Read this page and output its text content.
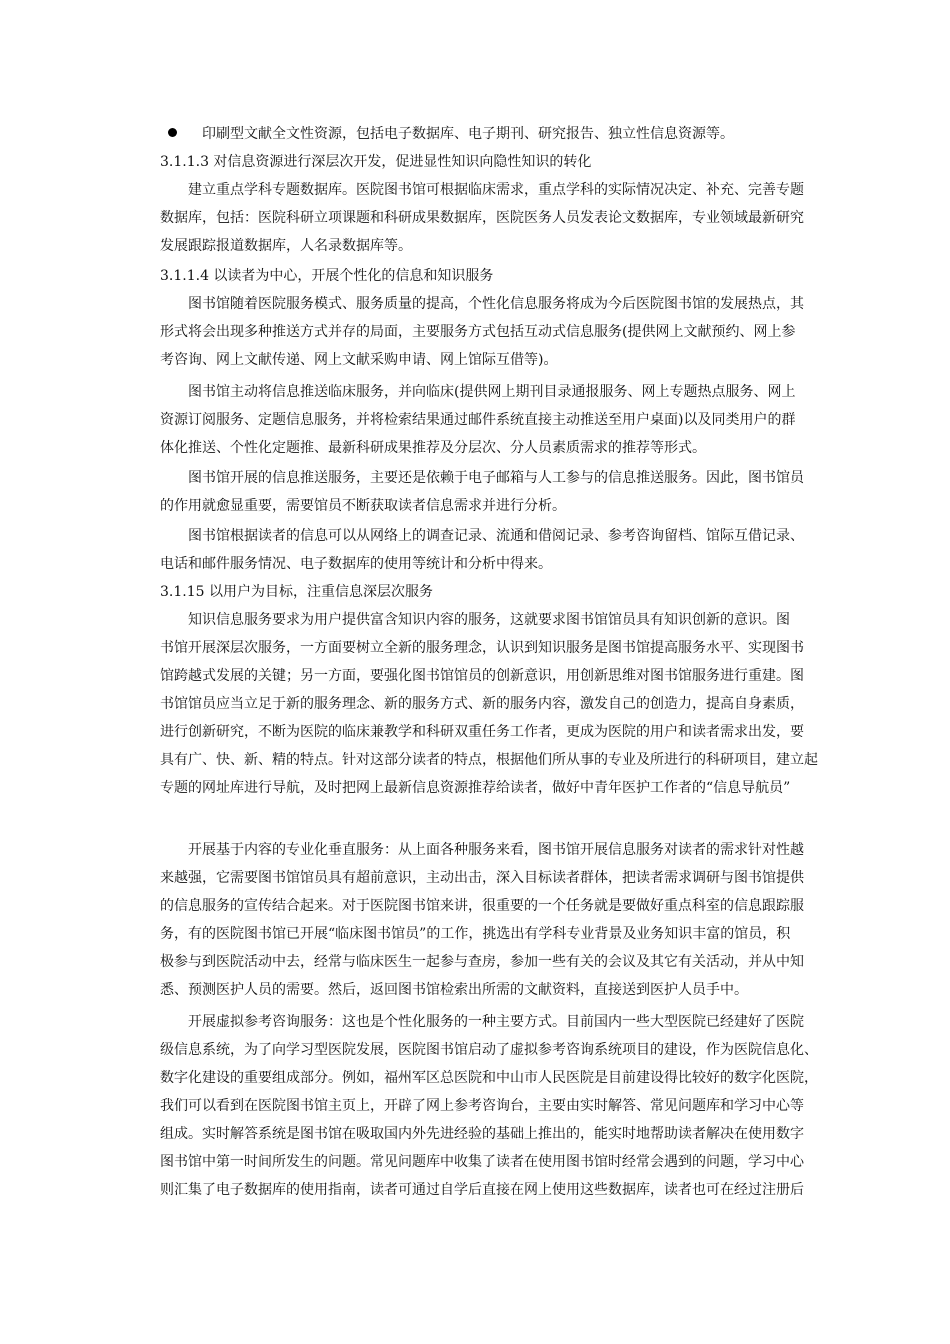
印刷型文献全文性资源，包括电子数据库、电子期刊、研究报告、独立性信息资源等。
3.1.1.3 对信息资源进行深层次开发，促进显性知识向隐性知识的转化
建立重点学科专题数据库。医院图书馆可根据临床需求，重点学科的实际情况决定、补充、完善专题
数据库，包括：医院科研立项课题和科研成果数据库，医院医务人员发表论文数据库，专业领域最新研究
发展跟踪报道数据库，人名录数据库等。
3.1.1.4 以读者为中心，开展个性化的信息和知识服务
图书馆随着医院服务模式、服务质量的提高，个性化信息服务将成为今后医院图书馆的发展热点，其
形式将会出现多种推送方式并存的局面，主要服务方式包括互动式信息服务(提供网上文献预约、网上参
考咨询、网上文献传递、网上文献采购申请、网上馆际互借等)。
图书馆主动将信息推送临床服务，并向临床(提供网上期刊目录通报服务、网上专题热点服务、网上
资源订阅服务、定题信息服务，并将检索结果通过邮件系统直接主动推送至用户桌面)以及同类用户的群
体化推送、个性化定题推、最新科研成果推荐及分层次、分人员素质需求的推荐等形式。
图书馆开展的信息推送服务，主要还是依赖于电子邮箱与人工参与的信息推送服务。因此，图书馆员
的作用就愈显重要，需要馆员不断获取读者信息需求并进行分析。
图书馆根据读者的信息可以从网络上的调查记录、流通和借阅记录、参考咨询留档、馆际互借记录、
电话和邮件服务情况、电子数据库的使用等统计和分析中得来。
3.1.15 以用户为目标，注重信息深层次服务
知识信息服务要求为用户提供富含知识内容的服务，这就要求图书馆馆员具有知识创新的意识。图
书馆开展深层次服务，一方面要树立全新的服务理念，认识到知识服务是图书馆提高服务水平、实现图书
馆跨越式发展的关键；另一方面，要强化图书馆馆员的创新意识，用创新思维对图书馆服务进行重建。图
书馆馆员应当立足于新的服务理念、新的服务方式、新的服务内容，激发自己的创造力，提高自身素质，
进行创新研究，不断为医院的临床兼教学和科研双重任务工作者，更成为医院的用户和读者需求出发，要
具有广、快、新、精的特点。针对这部分读者的特点，根据他们所从事的专业及所进行的科研项目，建立起
专题的网址库进行导航，及时把网上最新信息资源推荐给读者，做好中青年医护工作者的“信息导航员”
开展基于内容的专业化垂直服务：从上面各种服务来看，图书馆开展信息服务对读者的需求针对性越
来越强，它需要图书馆馆员具有超前意识，主动出击，深入目标读者群体，把读者需求调研与图书馆提供
的信息服务的宣传结合起来。对于医院图书馆来讲，很重要的一个任务就是要做好重点科室的信息跟踪服
务，有的医院图书馆已开展“临床图书馆员”的工作，挑选出有学科专业背景及业务知识丰富的馆员，积
极参与到医院活动中去，经常与临床医生一起参与查房，参加一些有关的会议及其它有关活动，并从中知
悉、预测医护人员的需要。然后，返回图书馆检索出所需的文献资料，直接送到医护人员手中。
开展虚拟参考咨询服务：这也是个性化服务的一种主要方式。目前国内一些大型医院已经建好了医院
级信息系统，为了向学习型医院发展，医院图书馆启动了虚拟参考咨询系统项目的建设，作为医院信息化、
数字化建设的重要组成部分。例如，福州军区总医院和中山市人民医院是目前建设得比较好的数字化医院，
我们可以看到在医院图书馆主页上，开辟了网上参考咨询台，主要由实时解答、常见问题库和学习中心等
组成。实时解答系统是图书馆在吸取国内外先进经验的基础上推出的，能实时地帮助读者解决在使用数字
图书馆中第一时间所发生的问题。常见问题库中收集了读者在使用图书馆时经常会遇到的问题，学习中心
则汇集了电子数据库的使用指南，读者可通过自学后直接在网上使用这些数据库，读者也可在经过注册后
